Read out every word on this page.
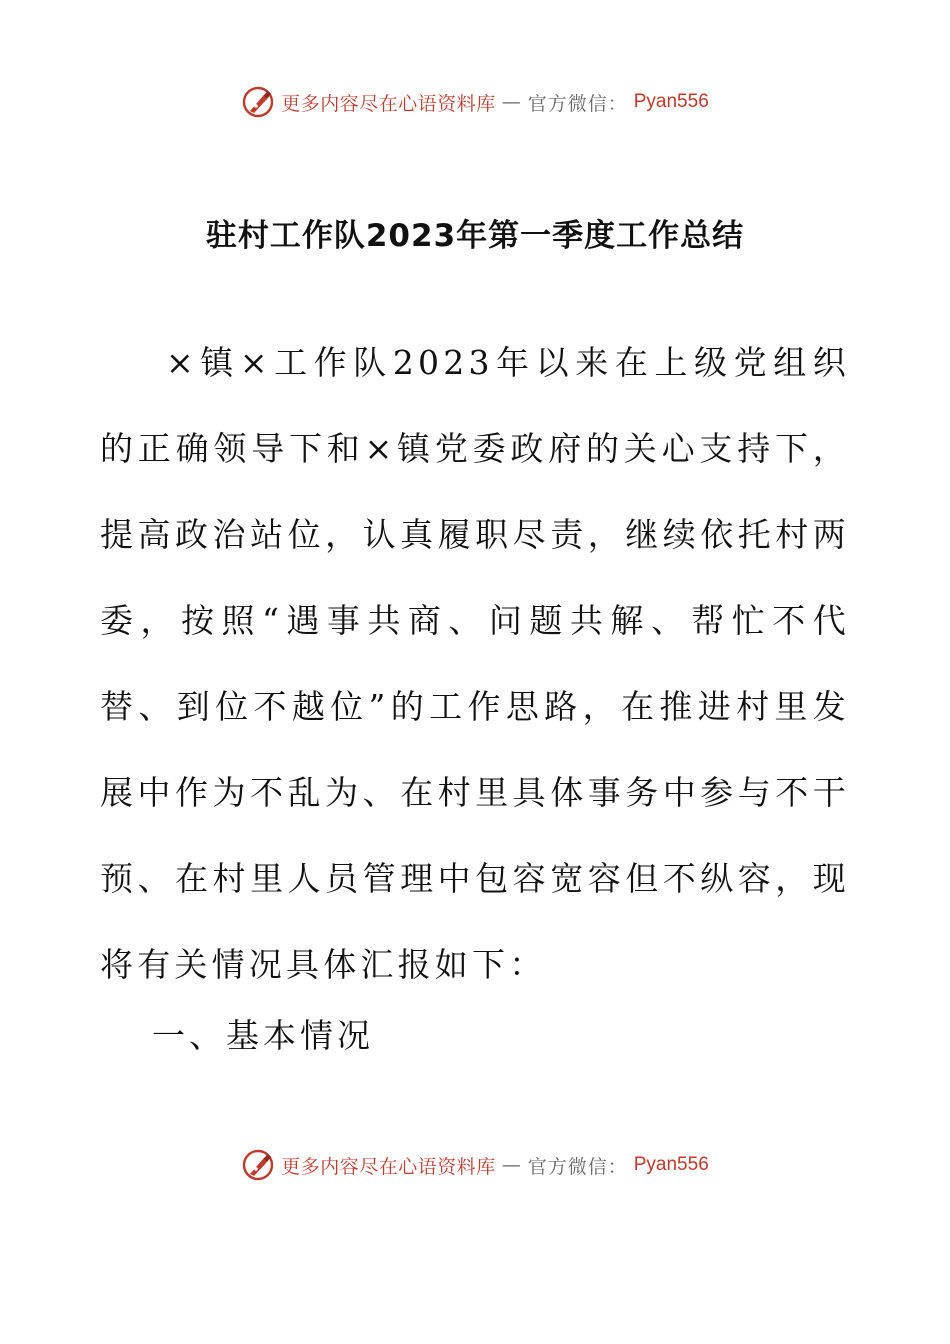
更多内容尽在心语资料库 — 官方微信： Pyan556
驻村工作队2023年第一季度工作总结

×镇×工作队2023年以来在上级党组织的正确领导下和×镇党委政府的关心支持下，提高政治站位，认真履职尽责，继续依托村两委，按照“遇事共商、问题共解、帮忙不代替、到位不越位”的工作思路，在推进村里发展中作为不乱为、在村里具体事务中参与不干预、在村里人员管理中包容宽容但不纵容，现将有关情况具体汇报如下：

一、基本情况
更多内容尽在心语资料库 — 官方微信： Pyan556
